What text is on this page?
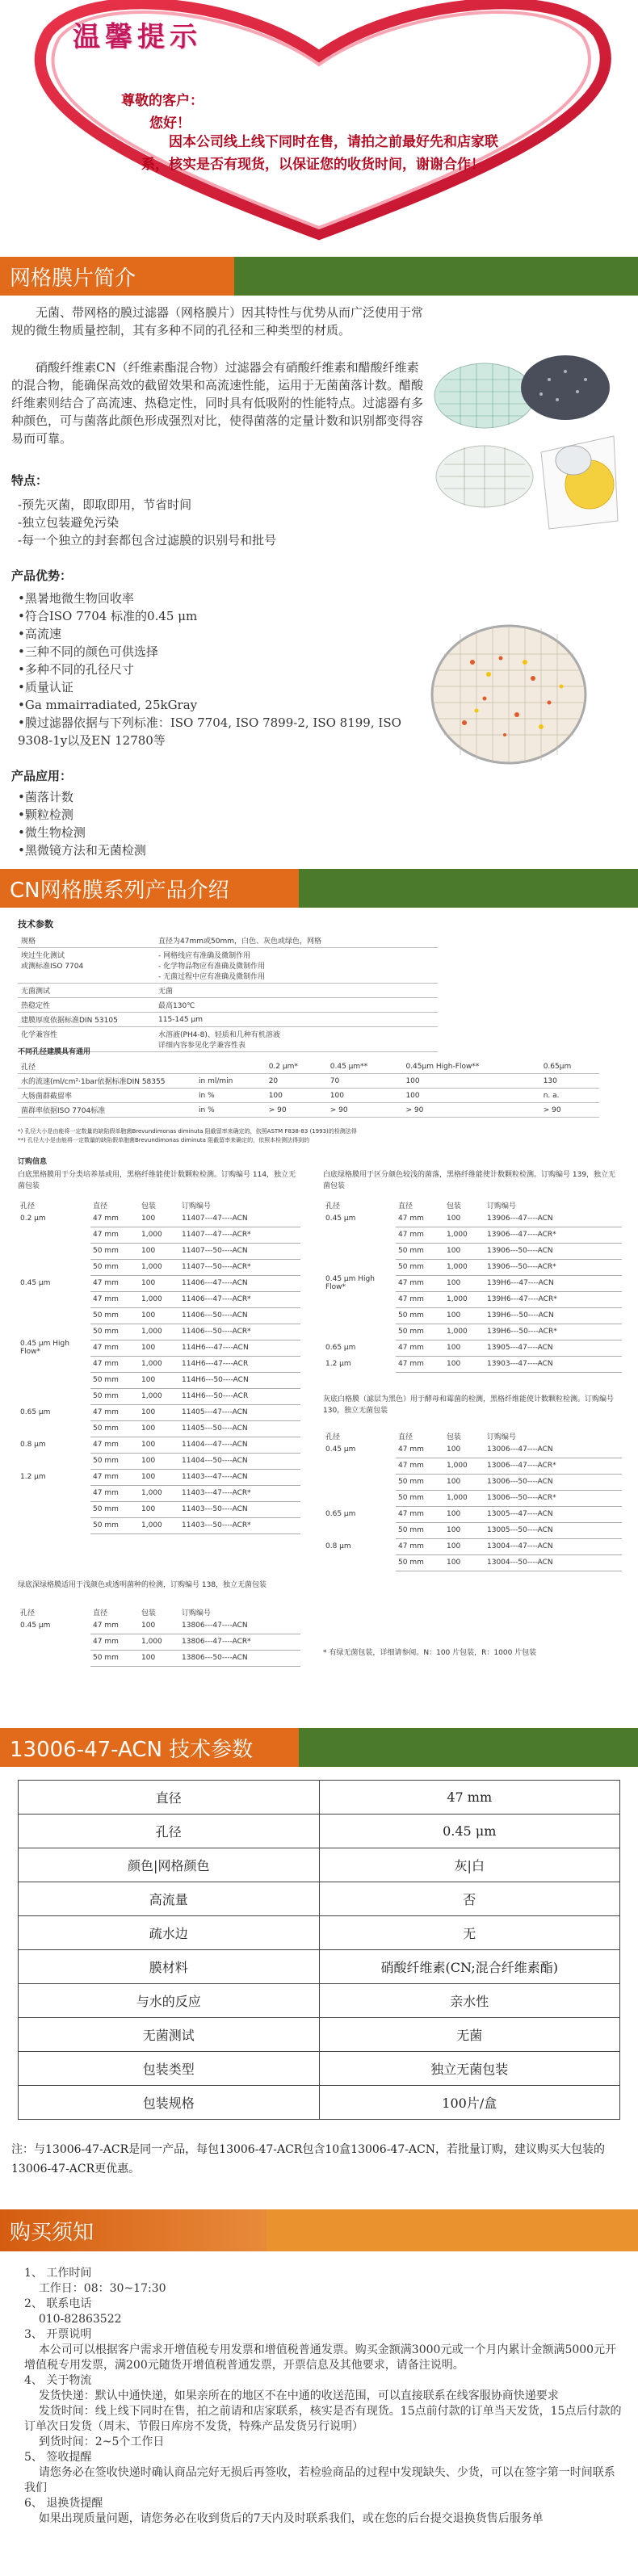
温馨提示
尊敬的客户：
您好！
因本公司线上线下同时在售，请拍之前最好先和店家联系，核实是否有现货，以保证您的收货时间，谢谢合作！
网格膜片简介
无菌、带网格的膜过滤器（网格膜片）因其特性与优势从而广泛使用于常规的微生物质量控制，其有多种不同的孔径和三种类型的材质。
硝酸纤维素CN（纤维素酯混合物）过滤器会有硝酸纤维素和醋酸纤维素的混合物，能确保高效的截留效果和高流速性能，运用于无菌菌落计数。醋酸纤维素则结合了高流速、热稳定性，同时具有低吸附的性能特点。过滤器有多种颜色，可与菌落此颜色形成强烈对比，使得菌落的定量计数和识别都变得容易而可靠。
特点：
-预先灭菌，即取即用，节省时间
-独立包装避免污染
-每一个独立的封套都包含过滤膜的识别号和批号
产品优势：
•黑暑地微生物回收率
•符合ISO 7704 标准的0.45 μm
•高流速
•三种不同的颜色可供选择
•多种不同的孔径尺寸
•质量认证
•Ga mmairradiated, 25kGray
•膜过滤器依据与下列标准：ISO 7704, ISO 7899-2, ISO 8199, ISO 9308-1y以及EN 12780等
产品应用：
•菌落计数
•颗粒检测
•微生物检测
•黑微镜方法和无菌检测
CN网格膜系列产品介绍
技术参数
规格	直径为47mm或50mm，白色、灰色或绿色，网格
埃过生化测试
或测标准ISO 7704	- 网格线应有准确及微制作用
- 化学物品物应有准确及微制作用
- 无菌过程中应有准确及微制作用
无菌测试	无菌
热稳定性	最高130℃
建膜厚度依据标准DIN 53105	115-145 μm
化学兼容性	水溶液(PH4-8)、轻质和几种有机溶液
详细内容参见化学兼容性表
不同孔径建膜具有通用
孔径		0.2 μm*	0.45 μm**	0.45μm High-Flow**	0.65μm
水的流速(ml/cm²·1bar依据标准DIN 58355	in ml/min	20	70	100	130
大肠菌群截留率	in %	100	100	100	n. a.
菌群率依据ISO 7704标准	in %	> 90	> 90	> 90	> 90
*) 孔径大小是由能将一定数量的缺陷假单胞菌Brevundimonas diminuta 阻截留率来确定的，依照ASTM F838-83 (1993)的检测法得
**) 孔径大小是由能将一定数量的缺陷假单胞菌Brevundimonas diminuta 阻截留率来确定的，依照本检测法得到的
订购信息
白底黑格膜用于分类培养基或用，黑格纤维能使计数颗粒检测。订购编号 114，独立无菌包装
孔径	直径	包装	订购编号
0.2 μm	47 mm	100	11407---47----ACN
	47 mm	1,000	11407---47----ACR*
	50 mm	100	11407---50----ACN
	50 mm	1,000	11407---50----ACR*
0.45 μm	47 mm	100	11406---47----ACN
	47 mm	1,000	11406---47----ACR*
	50 mm	100	11406---50----ACN
	50 mm	1,000	11406---50----ACR*
0.45 μm High Flow*	47 mm	100	114H6---47----ACN
	47 mm	1,000	114H6---47----ACR
	50 mm	100	114H6---50----ACN
	50 mm	1,000	114H6---50----ACR
0.65 μm	47 mm	100	11405---47----ACN
	50 mm	100	11405---50----ACN
0.8 μm	47 mm	100	11404---47----ACN
	50 mm	100	11404---50----ACN
1.2 μm	47 mm	100	11403---47----ACN
	47 mm	1,000	11403---47----ACR*
	50 mm	100	11403---50----ACN
	50 mm	1,000	11403---50----ACR*
绿底深绿格膜适用于浅颜色或透明菌种的检测，订购编号 138，独立无菌包装
孔径	直径	包装	订购编号
0.45 μm	47 mm	100	13806---47----ACN
	47 mm	1,000	13806---47----ACR*
	50 mm	100	13806---50----ACN
白底绿格膜用于区分颜色较浅的菌落，黑格纤维能使计数颗粒检测。订购编号 139，独立无菌包装
孔径	直径	包装	订购编号
0.45 μm	47 mm	100	13906---47----ACN
	47 mm	1,000	13906---47----ACR*
	50 mm	100	13906---50----ACN
	50 mm	1,000	13906---50----ACR*
0.45 μm High Flow*	47 mm	100	139H6---47----ACN
	47 mm	1,000	139H6---47----ACR*
	50 mm	100	139H6---50----ACN
	50 mm	1,000	139H6---50----ACR*
0.65 μm	47 mm	100	13905---47----ACN
1.2 μm	47 mm	100	13903---47----ACN
灰底白格膜（滤层为黑色）用于酵母和霉菌的检测，黑格纤维能使计数颗粒检测。订购编号 130，独立无菌包装
孔径	直径	包装	订购编号
0.45 μm	47 mm	100	13006---47----ACN
	47 mm	1,000	13006---47----ACR*
	50 mm	100	13006---50----ACN
	50 mm	1,000	13006---50----ACR*
0.65 μm	47 mm	100	13005---47----ACN
	50 mm	100	13005---50----ACN
0.8 μm	47 mm	100	13004---47----ACN
	50 mm	100	13004---50----ACN
* 有绿无菌包装，详细请参阅。N：100 片包装，R：1000 片包装
13006-47-ACN 技术参数
直径	47 mm
孔径	0.45 μm
颜色|网格颜色	灰|白
高流量	否
疏水边	无
膜材料	硝酸纤维素(CN;混合纤维素酯)
与水的反应	亲水性
无菌测试	无菌
包装类型	独立无菌包装
包装规格	100片/盒
注：与13006-47-ACR是同一产品，每包13006-47-ACR包含10盒13006-47-ACN，若批量订购，建议购买大包装的13006-47-ACR更优惠。
购买须知
1、 工作时间
工作日：08：30~17:30
2、 联系电话
010-82863522
3、 开票说明
本公司可以根据客户需求开增值税专用发票和增值税普通发票。购买金额满3000元或一个月内累计金额满5000元开增值税专用发票，满200元随货开增值税普通发票，开票信息及其他要求，请备注说明。
4、 关于物流
发货快递：默认中通快递，如果亲所在的地区不在中通的收送范围，可以直接联系在线客服协商快递要求
发货时间：线上线下同时在售，拍之前请和店家联系，核实是否有现货。15点前付款的订单当天发货，15点后付款的订单次日发货（周末、节假日库房不发货，特殊产品发货另行说明）
到货时间：2~5个工作日
5、 签收提醒
请您务必在签收快递时确认商品完好无损后再签收，若检验商品的过程中发现缺失、少货，可以在签字第一时间联系我们
6、 退换货提醒
如果出现质量问题，请您务必在收到货后的7天内及时联系我们，或在您的后台提交退换货售后服务单
